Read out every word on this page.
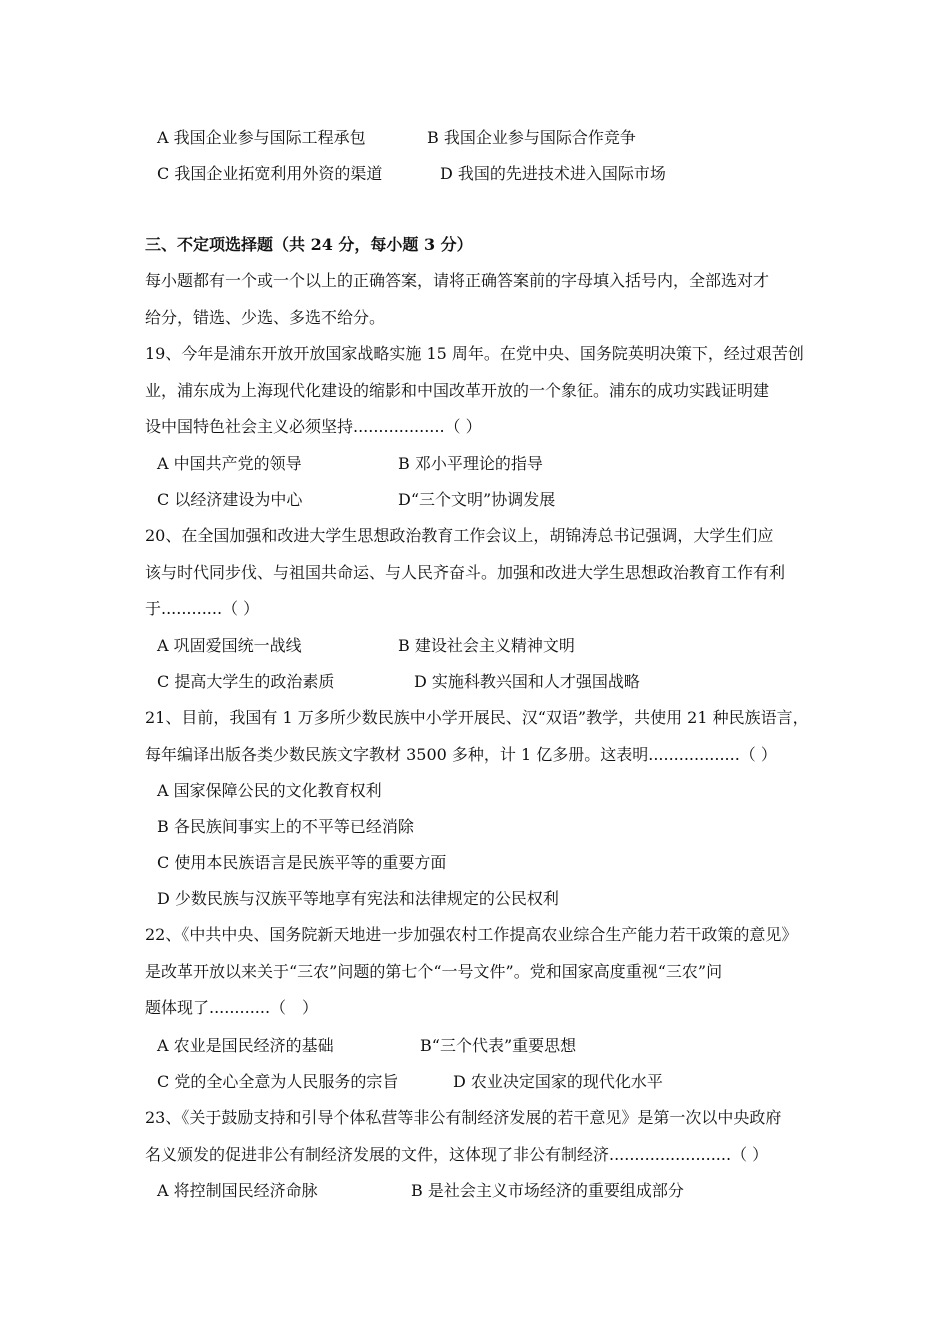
A 我国企业参与国际工程承包	B 我国企业参与国际合作竞争
C 我国企业拓宽利用外资的渠道	D 我国的先进技术进入国际市场
三、不定项选择题（共 24 分，每小题 3 分）
每小题都有一个或一个以上的正确答案，请将正确答案前的字母填入括号内，全部选对才
给分，错选、少选、多选不给分。
19、今年是浦东开放开放国家战略实施 15 周年。在党中央、国务院英明决策下，经过艰苦创
业，浦东成为上海现代化建设的缩影和中国改革开放的一个象征。浦东的成功实践证明建
设中国特色社会主义必须坚持..................（ ）
A 中国共产党的领导	B 邓小平理论的指导
C 以经济建设为中心	D“三个文明”协调发展
20、在全国加强和改进大学生思想政治教育工作会议上，胡锦涛总书记强调，大学生们应
该与时代同步伐、与祖国共命运、与人民齐奋斗。加强和改进大学生思想政治教育工作有利
于............（ ）
A 巩固爱国统一战线	B 建设社会主义精神文明
C 提高大学生的政治素质	D 实施科教兴国和人才强国战略
21、目前，我国有 1 万多所少数民族中小学开展民、汉“双语”教学，共使用 21 种民族语言，
每年编译出版各类少数民族文字教材 3500 多种，计 1 亿多册。这表明..................（ ）
A 国家保障公民的文化教育权利
B 各民族间事实上的不平等已经消除
C 使用本民族语言是民族平等的重要方面
D 少数民族与汉族平等地享有宪法和法律规定的公民权利
22、《中共中央、国务院新天地进一步加强农村工作提高农业综合生产能力若干政策的意见》
是改革开放以来关于“三农”问题的第七个“一号文件”。党和国家高度重视“三农”问
题体现了............（　）
A 农业是国民经济的基础	B“三个代表”重要思想
C 党的全心全意为人民服务的宗旨	D 农业决定国家的现代化水平
23、《关于鼓励支持和引导个体私营等非公有制经济发展的若干意见》是第一次以中央政府
名义颁发的促进非公有制经济发展的文件，这体现了非公有制经济........................（ ）
A 将控制国民经济命脉	B 是社会主义市场经济的重要组成部分
